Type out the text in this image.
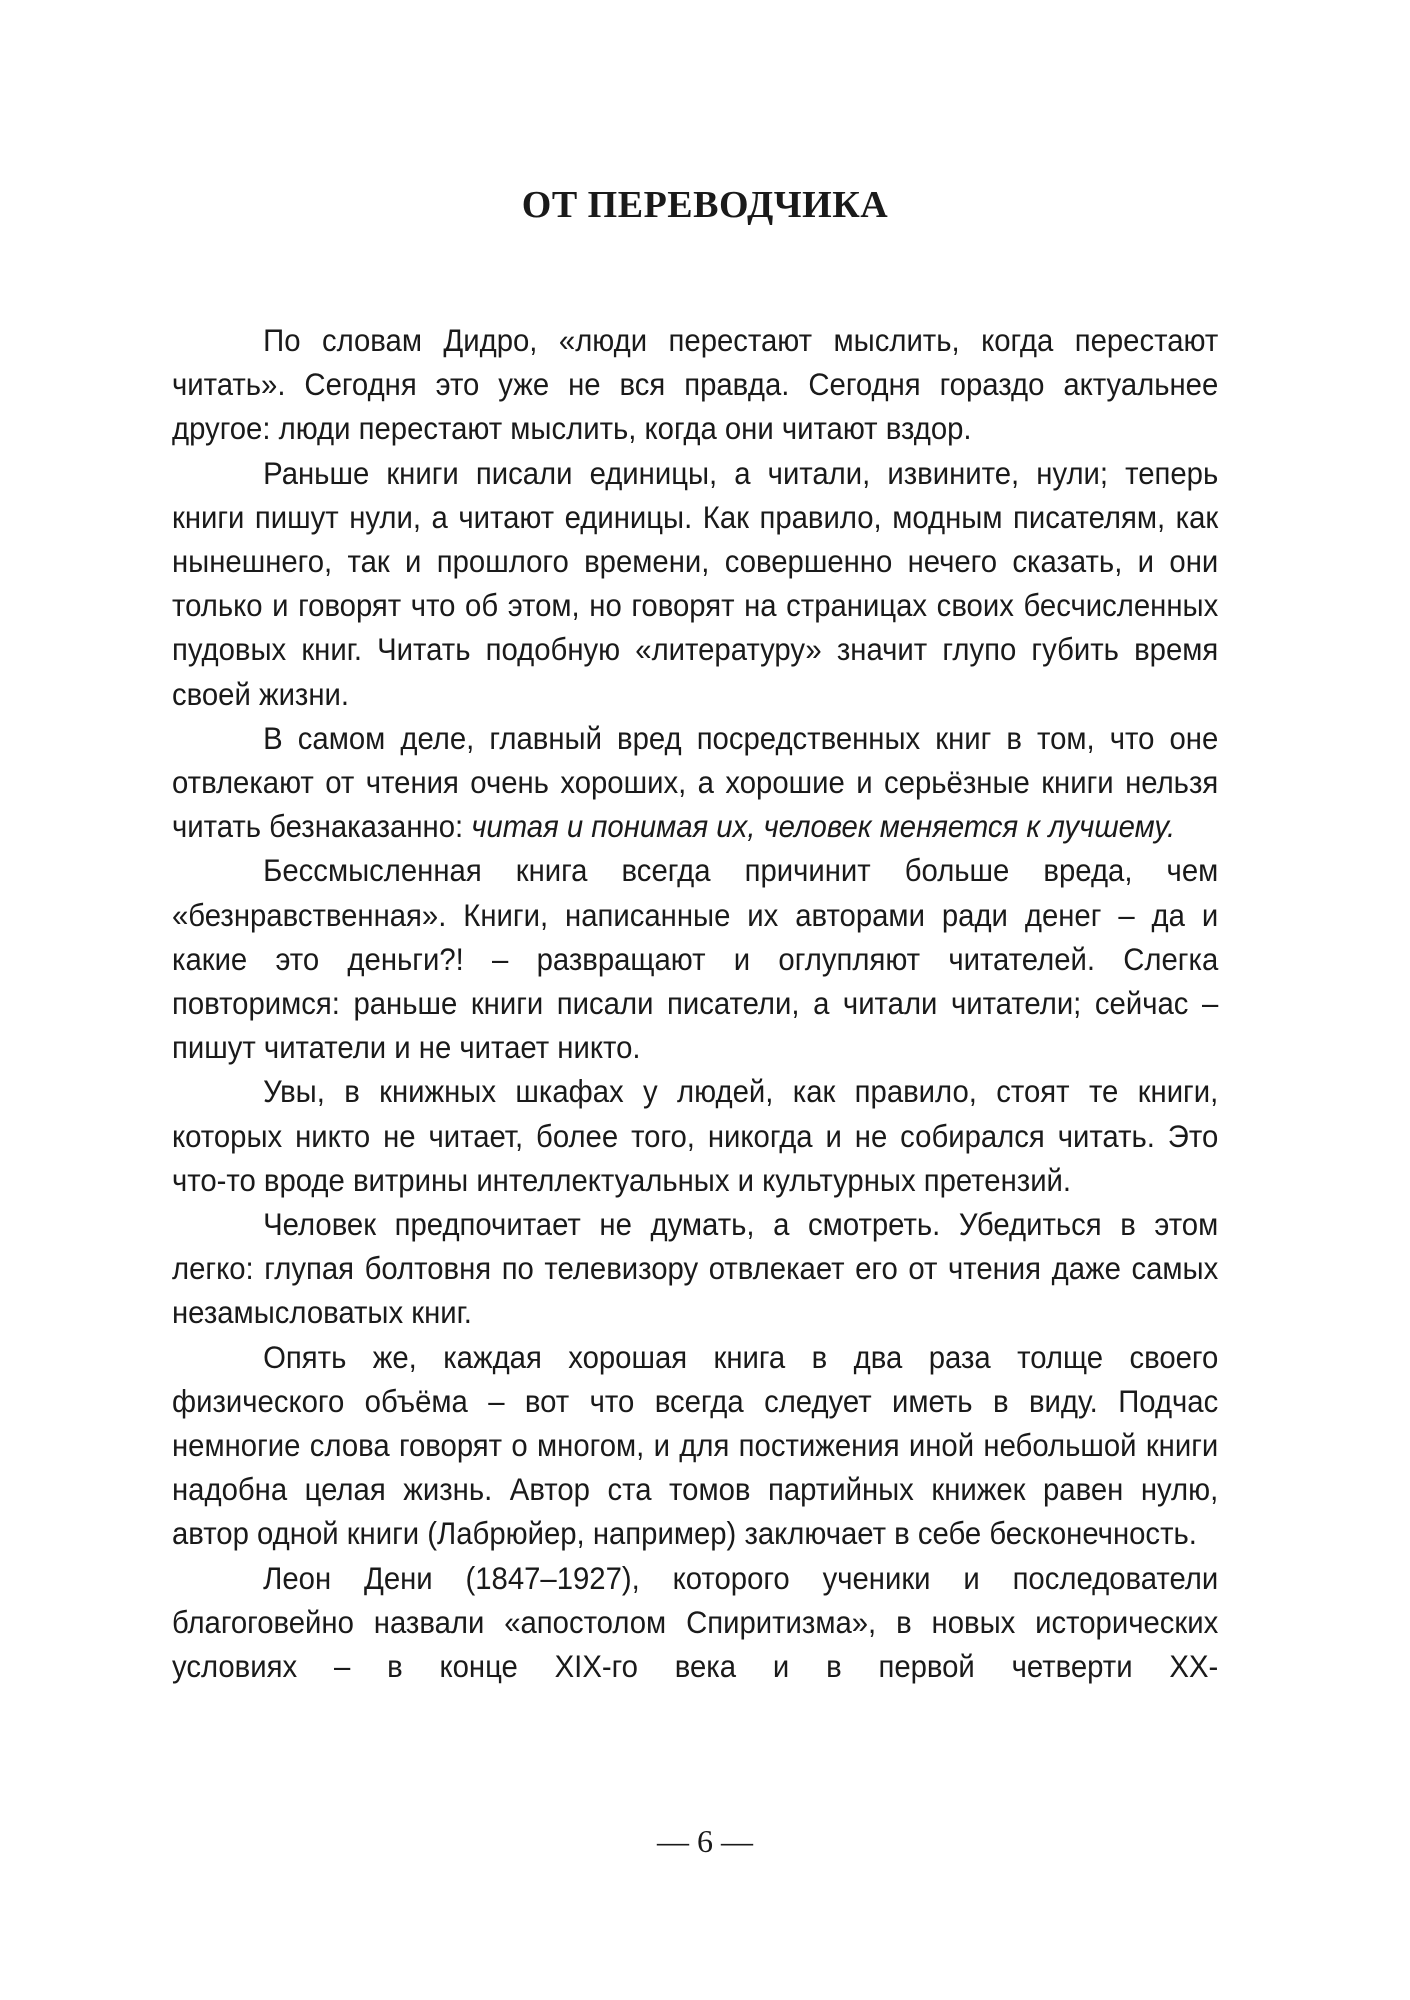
ОТ ПЕРЕВОДЧИКА

По словам Дидро, «люди перестают мыслить, когда перестают читать». Сегодня это уже не вся правда. Сегодня гораздо актуальнее другое: люди перестают мыслить, когда они читают вздор.

Раньше книги писали единицы, а читали, извините, нули; теперь книги пишут нули, а читают единицы. Как правило, модным писателям, как нынешнего, так и прошлого времени, совершенно нечего сказать, и они только и говорят что об этом, но говорят на страницах своих бесчисленных пудовых книг. Читать подобную «литературу» значит глупо губить время своей жизни.

В самом деле, главный вред посредственных книг в том, что оне отвлекают от чтения очень хороших, а хорошие и серьёзные книги нельзя читать безнаказанно: читая и понимая их, человек меняется к лучшему.

Бессмысленная книга всегда причинит больше вреда, чем «безнравственная». Книги, написанные их авторами ради денег – да и какие это деньги?! – развращают и оглупляют читателей. Слегка повторимся: раньше книги писали писатели, а читали читатели; сейчас – пишут читатели и не читает никто.

Увы, в книжных шкафах у людей, как правило, стоят те книги, которых никто не читает, более того, никогда и не собирался читать. Это что-то вроде витрины интеллектуальных и культурных претензий.

Человек предпочитает не думать, а смотреть. Убедиться в этом легко: глупая болтовня по телевизору отвлекает его от чтения даже самых незамысловатых книг.

Опять же, каждая хорошая книга в два раза толще своего физического объёма – вот что всегда следует иметь в виду. Подчас немногие слова говорят о многом, и для постижения иной небольшой книги надобна целая жизнь. Автор ста томов партийных книжек равен нулю, автор одной книги (Лабрюйер, например) заключает в себе бесконечность.

Леон Дени (1847–1927), которого ученики и последователи благоговейно назвали «апостолом Спиритизма», в новых исторических условиях – в конце XIX-го века и в первой четверти XX-

— 6 —
